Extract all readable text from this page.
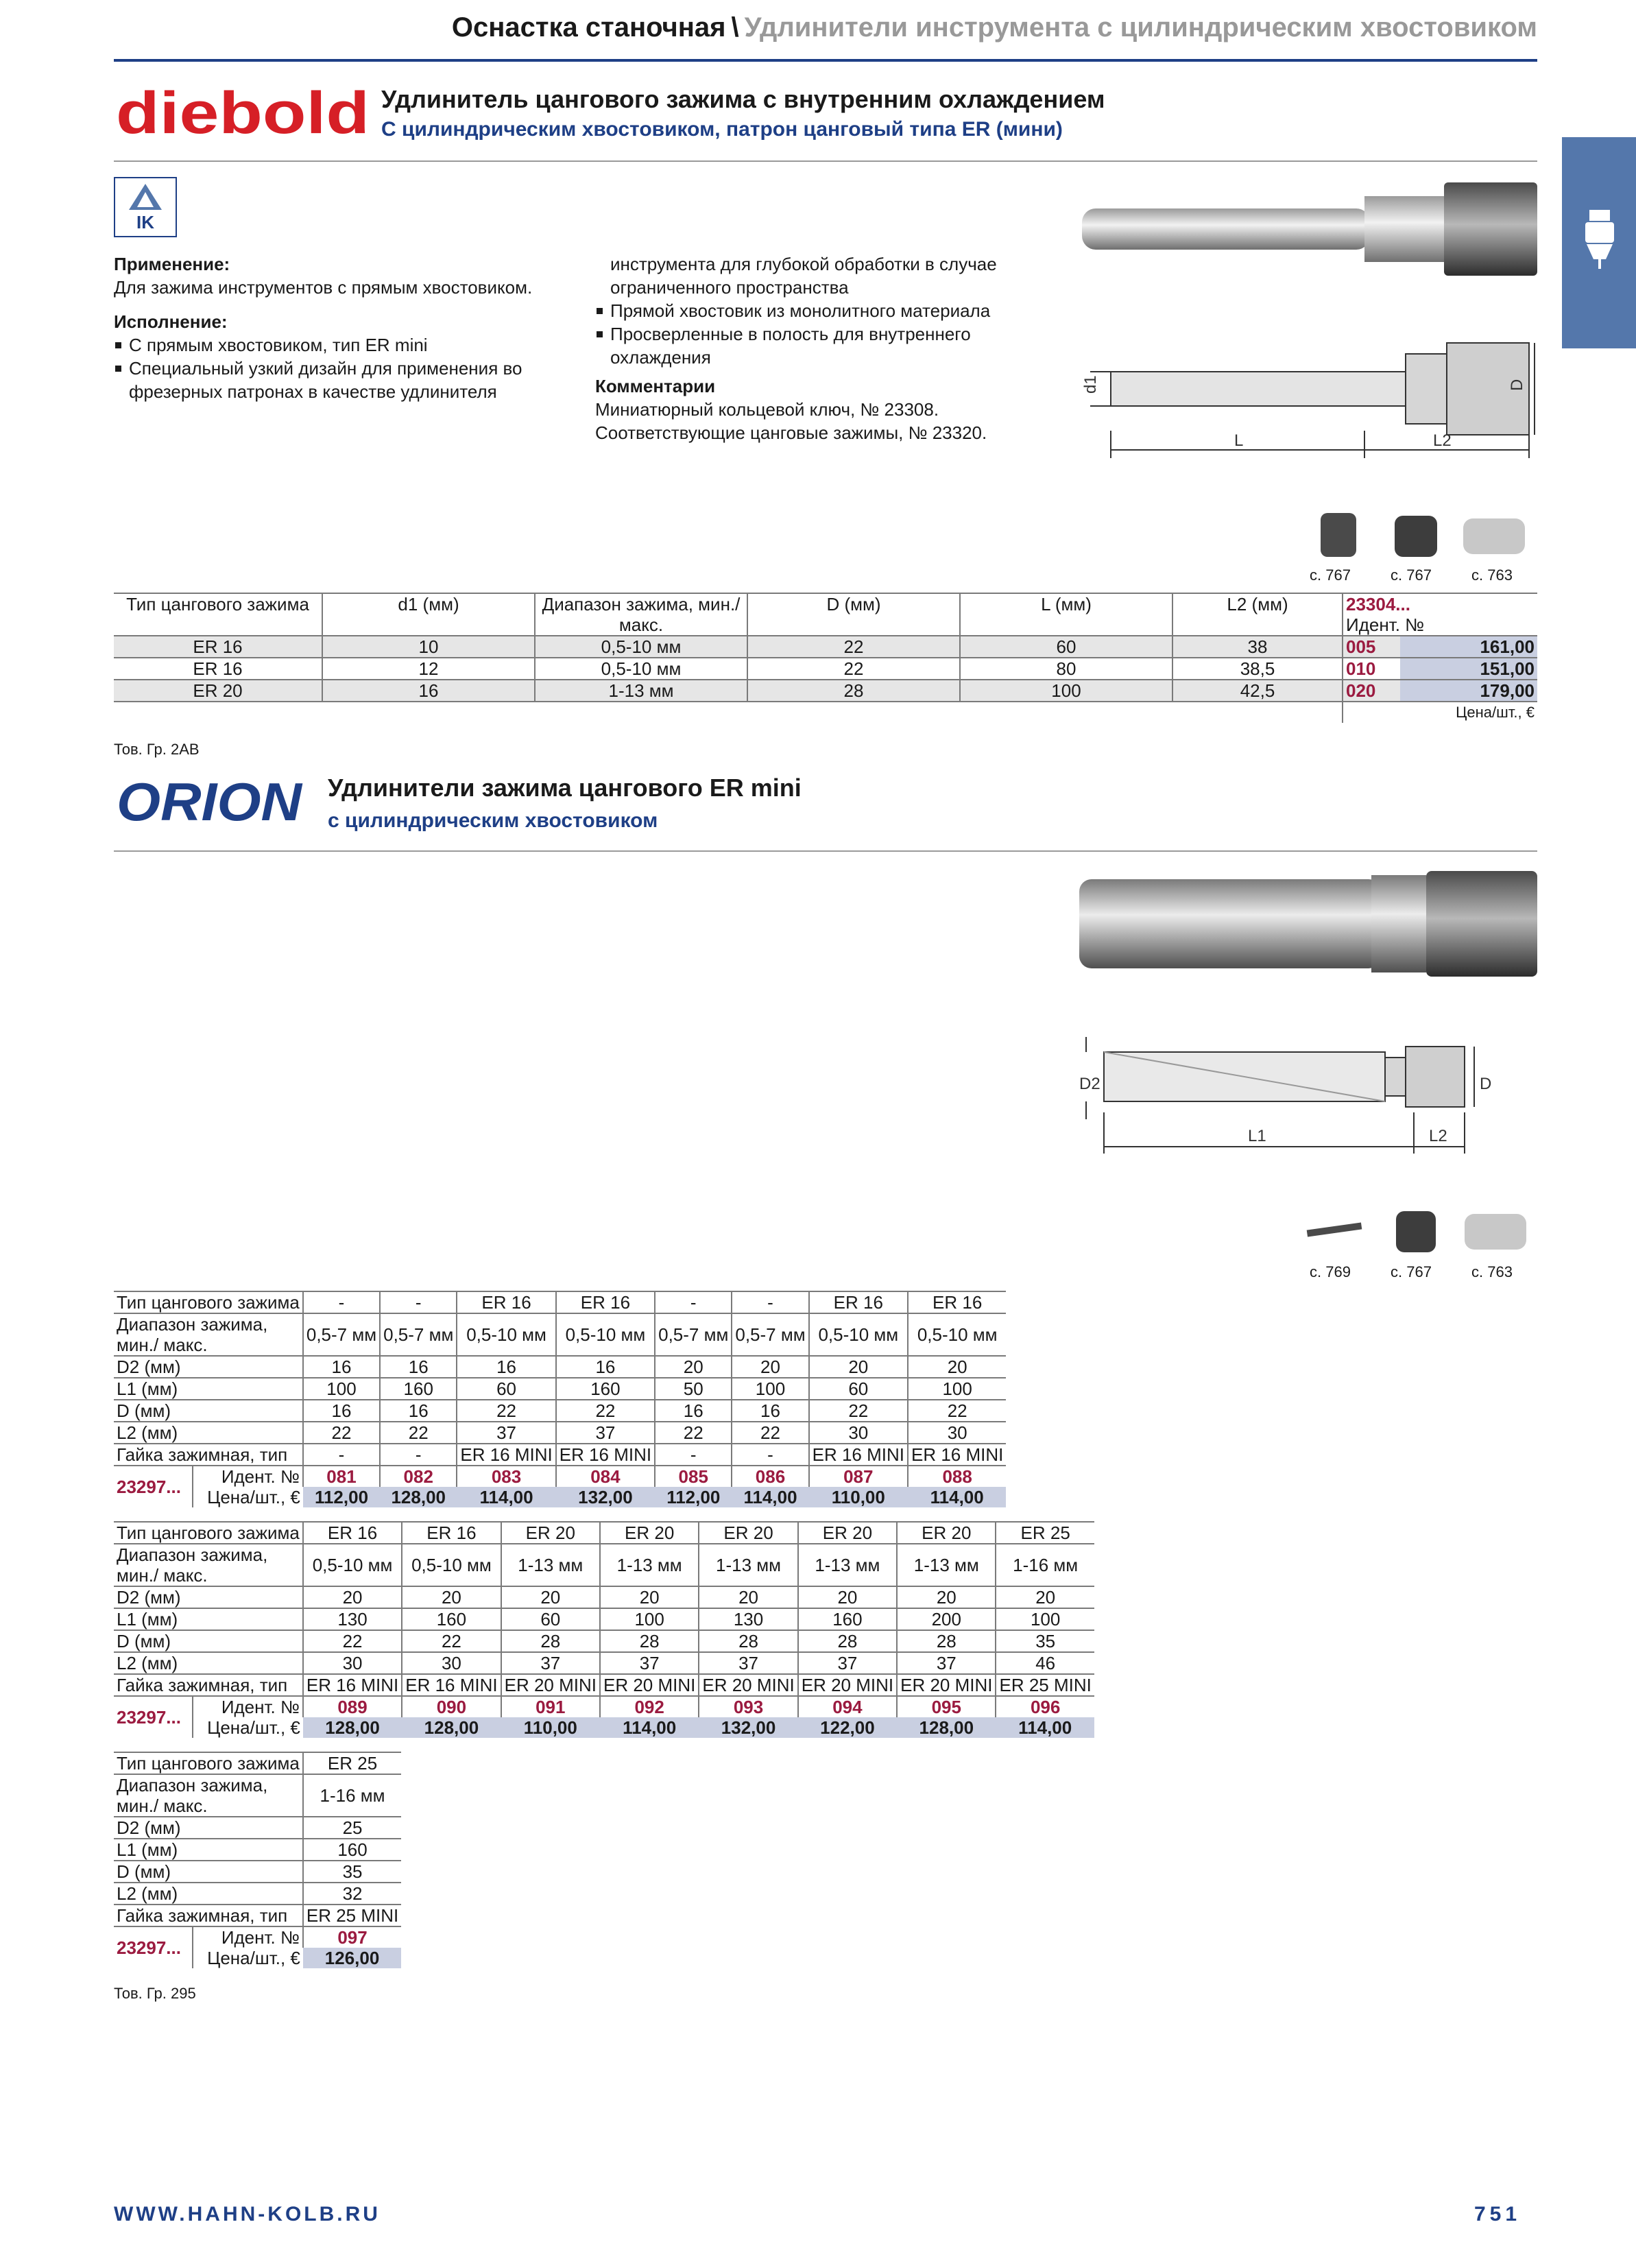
Оснастка станочная \ Удлинители инструмента с цилиндрическим хвостовиком
diebold Удлинитель цангового зажима с внутренним охлаждением
С цилиндрическим хвостовиком, патрон цанговый типа ER (мини)
IK
Применение:
Для зажима инструментов с прямым хвостовиком.
Исполнение:
С прямым хвостовиком, тип ER mini
Специальный узкий дизайн для применения во фрезерных патронах в качестве удлинителя
инструмента для глубокой обработки в случае ограниченного пространства
Прямой хвостовик из монолитного материала
Просверленные в полость для внутреннего охлаждения
Комментарии
Миниатюрный кольцевой ключ, № 23308. Соответствующие цанговые зажимы, № 23320.
d1	D
L	L2
с. 767	с. 767	с. 763
Тип цангового зажима	d1 (мм)	Диапазон зажима, мин./макс.	D (мм)	L (мм)	L2 (мм)	23304...
Идент. №	

ER 16	10	0,5-10 мм	22	60	38	005	161,00
ER 16	12	0,5-10 мм	22	80	38,5	010	151,00
ER 20	16	1-13 мм	28	100	42,5	020	179,00
						Цена/шт., €	
Тов. Гр. 2АВ
ORION Удлинители зажима цангового ER mini
с цилиндрическим хвостовиком
D2	D
L1	L2
с. 769	с. 767	с. 763
Тип цангового зажима		-	-	ER 16	ER 16	-	-	ER 16	ER 16
Диапазон зажима, мин./ макс.		0,5-7 мм	0,5-7 мм	0,5-10 мм	0,5-10 мм	0,5-7 мм	0,5-7 мм	0,5-10 мм	0,5-10 мм
D2 (мм)		16	16	16	16	20	20	20	20
L1 (мм)		100	160	60	160	50	100	60	100
D (мм)		16	16	22	22	16	16	22	22
L2 (мм)		22	22	37	37	22	22	30	30
Гайка зажимная, тип		-	-	ER 16 MINI	ER 16 MINI	-	-	ER 16 MINI	ER 16 MINI
23297...	Идент. №	081	082	083	084	085	086	087	088
	Цена/шт., €	112,00	128,00	114,00	132,00	112,00	114,00	110,00	114,00
Тип цангового зажима		ER 16	ER 16	ER 20	ER 20	ER 20	ER 20	ER 20	ER 25
Диапазон зажима, мин./ макс.		0,5-10 мм	0,5-10 мм	1-13 мм	1-13 мм	1-13 мм	1-13 мм	1-13 мм	1-16 мм
D2 (мм)		20	20	20	20	20	20	20	20
L1 (мм)		130	160	60	100	130	160	200	100
D (мм)		22	22	28	28	28	28	28	35
L2 (мм)		30	30	37	37	37	37	37	46
Гайка зажимная, тип		ER 16 MINI	ER 16 MINI	ER 20 MINI	ER 20 MINI	ER 20 MINI	ER 20 MINI	ER 20 MINI	ER 25 MINI
23297...	Идент. №	089	090	091	092	093	094	095	096
	Цена/шт., €	128,00	128,00	110,00	114,00	132,00	122,00	128,00	114,00
Тип цангового зажима		ER 25
Диапазон зажима, мин./ макс.		1-16 мм
D2 (мм)		25
L1 (мм)		160
D (мм)		35
L2 (мм)		32
Гайка зажимная, тип		ER 25 MINI
23297...	Идент. №	097
	Цена/шт., €	126,00
Тов. Гр. 295
WWW.HAHN-KOLB.RU	751
